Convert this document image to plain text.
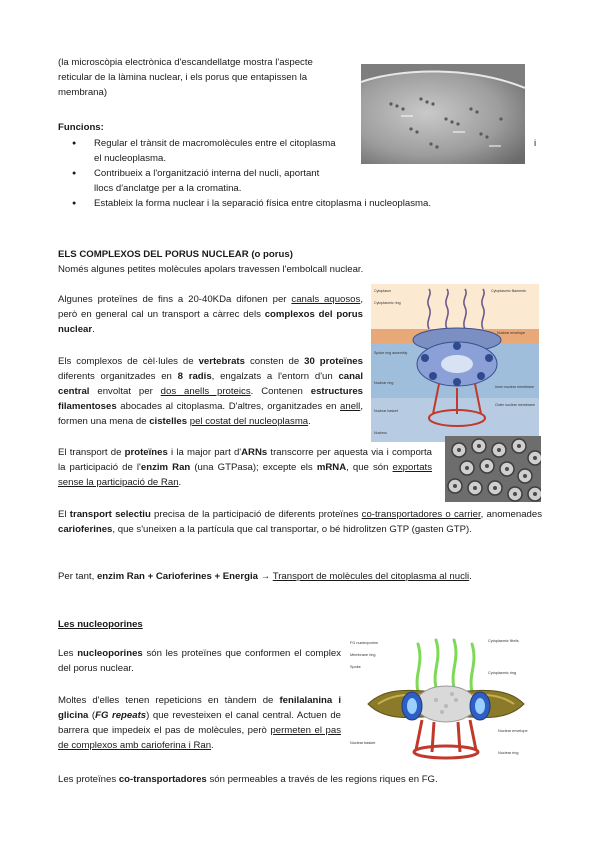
(la microscòpia electrònica d'escandellatge mostra l'aspecte
reticular de la làmina nuclear, i els porus que entapissen la
membrana)
Funcions:
● Regular el trànsit de macromolècules entre el citoplasma	i

el nucleoplasma.
● Contribueix a l'organització interna del nucli, aportant
llocs d'anclatge per a la cromatina.
● Estableix la forma nuclear i la separació física entre citoplasma i nucleoplasma.
ELS COMPLEXOS DEL PORUS NUCLEAR (o porus)
Només algunes petites molècules apolars travessen l'embolcall nuclear.
Algunes proteïnes de fins a 20-40KDa difonen per canals aquosos, però en general cal un transport a càrrec dels complexos del porus nuclear.
Els complexos de cèl·lules de vertebrats consten de 30 proteïnes diferents organitzades en 8 radis, engalzats a l'entorn d'un canal central envoltat per dos anells proteics. Contenen estructures filamentoses abocades al citoplasma. D'altres, organitzades en anell, formen una mena de cistelles pel costat del nucleoplasma.
Cytoplasm	Cytoplasmic filaments
Cytoplasmic ring
Spoke ring assembly
Nuclear envelope
Nuclear ring
Nuclear basket
Nucleus
Inner nuclear membrane
Outer nuclear membrane
El transport de proteïnes i la major part d'ARNs transcorre per aquesta via i comporta la participació de l'enzim Ran (una GTPasa); excepte els mRNA, que són exportats sense la participació de Ran.
El transport selectiu precisa de la participació de diferents proteïnes co-transportadores o carrier, anomenades carioferines, que s'uneixen a la partícula que cal transportar, o bé hidrolitzen GTP (gasten GTP).
Per tant, enzim Ran + Carioferines + Energia → Transport de molècules del citoplasma al nucli.
Les nucleoporines
Les nucleoporines són les proteïnes que conformen el complex del porus nuclear.
Moltes d'elles tenen repeticions en tàndem de fenilalanina i glicina (FG repeats) que revesteixen el canal central. Actuen de barrera que impedeix el pas de molècules, però permeten el pas de complexos amb carioferina i Ran.
Cytoplasmic fibrils
Cytoplasmic ring
FG nucleoporins
Membrane ring
Spoke
Nuclear basket
Nuclear envelope
Nuclear ring
Les proteïnes co-transportadores són permeables a través de les regions riques en FG.
